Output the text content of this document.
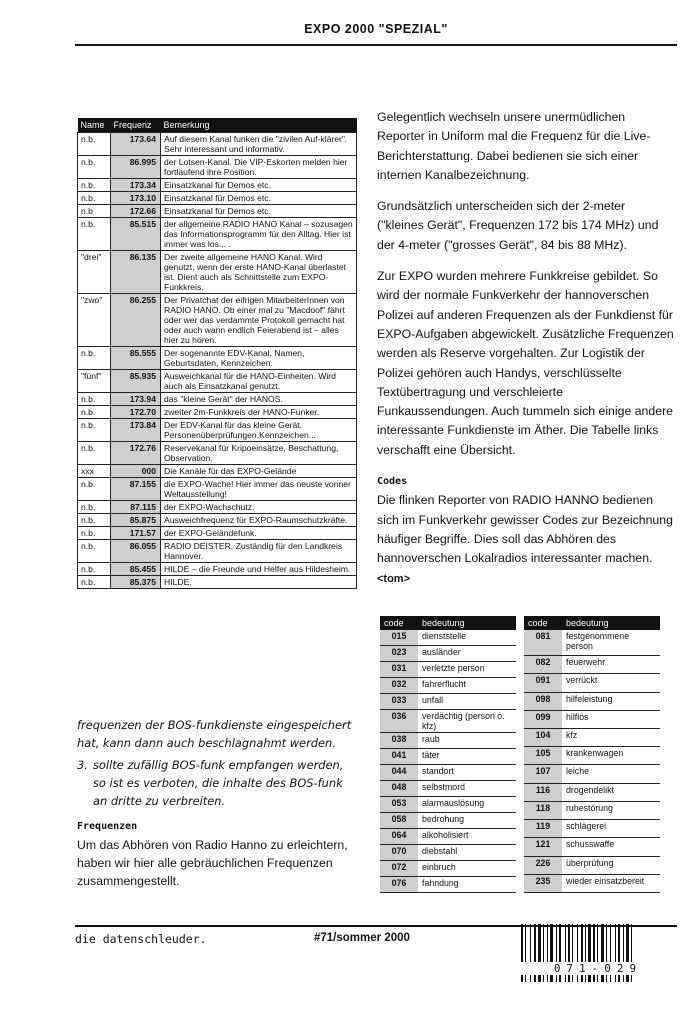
EXPO 2000 "SPEZIAL"
Name	Frequenz	Bemerkung
n.b.	173.64	Auf diesem Kanal funken die "zivilen Auf-klärer". Sehr interessant und informativ.
n.b.	86.995	der Lotsen-Kanal. Die VIP-Eskorten melden hier fortlaufend ihre Position.
n.b.	173.34	Einsatzkanal für Demos etc.
n.b.	173.10	Einsatzkanal für Demos etc.
n.b	172.66	Einsatzkanal für Demos etc.
n.b.	85.515	der allgemeine RADIO HANO Kanal – sozusagen das Informationsprogramm für den Alltag. Hier ist immer was los... .
"drei"	86.135	Der zweite allgemeine HANO Kanal. Wird genutzt, wenn der erste HANO-Kanal überlastet ist. Dient auch als Schnittstelle zum EXPO-Funkkreis.
"zwo"	86.255	Der Privatchat der eifrigen MitarbeiterInnen von RADIO HANO. Ob einer mal zu "Macdoof" fährt oder wer das verdammte Protokoll gemacht hat oder auch wann endlich Feierabend ist – alles hier zu hören.
n.b.	85.555	Der sogenannte EDV-Kanal. Namen, Geburtsdaten, Kennzeichen.
"fünf"	85.935	Ausweichkanal für die HANO-Einheiten. Wird auch als Einsatzkanal genutzt.
n.b.	173.94	das "kleine Gerät" der HANOS.
n.b.	172.70	zweiter 2m-Funkkreis der HANO-Funker.
n.b.	173.84	Der EDV-Kanal für das kleine Gerät. Personenüberprüfungen,Kennzeichen...
n.b.	172.76	Reservekanal für Kripoeinsätze, Beschattung, Observation.
xxx	000	Die Kanäle für das EXPO-Gelände
n.b.	87.155	die EXPO-Wache! Hier immer das neuste vonner Weltausstellung!
n.b.	87.115	der EXPO-Wachschutz.
n.b.	85.875	Ausweichfrequenz für EXPO-Raumschutzkräfte.
n.b.	171.57	der EXPO-Geländefunk.
n.b.	86.055	RADIO DEISTER. Zuständig für den Landkreis Hannover.
n.b.	85.455	HILDE – die Freunde und Helfer aus Hildesheim.
n.b.	85.375	HILDE.
frequenzen der BOS-funkdienste eingespeichert hat, kann dann auch beschlagnahmt werden.
3. sollte zufällig BOS-funk empfangen werden, so ist es verboten, die inhalte des BOS-funk an dritte zu verbreiten.
Frequenzen
Um das Abhören von Radio Hanno zu erleichtern, haben wir hier alle gebräuchlichen Frequenzen zusammengestellt.

Gelegentlich wechseln unsere unermüdlichen Reporter in Uniform mal die Frequenz für die Live-Berichterstattung. Dabei bedienen sie sich einer internen Kanalbezeichnung.

Grundsätzlich unterscheiden sich der 2-meter ("kleines Gerät", Frequenzen 172 bis 174 MHz) und der 4-meter ("grosses Gerät", 84 bis 88 MHz).

Zur EXPO wurden mehrere Funkkreise gebildet. So wird der normale Funkverkehr der hannoverschen Polizei auf anderen Frequenzen als der Funkdienst für EXPO-Aufgaben abgewickelt. Zusätzliche Frequenzen werden als Reserve vorgehalten. Zur Logistik der Polizei gehören auch Handys, verschlüsselte Textübertragung und verschleierte Funkaussendungen. Auch tummeln sich einige andere interessante Funkdienste im Äther. Die Tabelle links verschafft eine Übersicht.

Codes
Die flinken Reporter von RADIO HANNO bedienen sich im Funkverkehr gewisser Codes zur Bezeichnung häufiger Begriffe. Dies soll das Abhören des hannoverschen Lokalradios interessanter machen. <tom>
code	bedeutung
015	dienststelle
023	ausländer
031	verletzte person
032	fahrerflucht
033	unfall
036	verdächtig (person o. kfz)
038	raub
041	täter
044	standort
048	selbstmord
053	alarmauslösung
058	bedrohung
064	alkoholisiert
070	diebstahl
072	einbruch
076	fahndung
code	bedeutung
081	festgenommene person
082	feuerwehr
091	verrückt
098	hilfeleistung
099	hilflos
104	kfz
105	krankenwagen
107	leiche
116	drogendelikt
118	ruhestörung
119	schlägerei
121	schusswaffe
226	überprüfung
235	wieder einsatzbereit
die datenschleuder.	#71/sommer 2000
071-029
